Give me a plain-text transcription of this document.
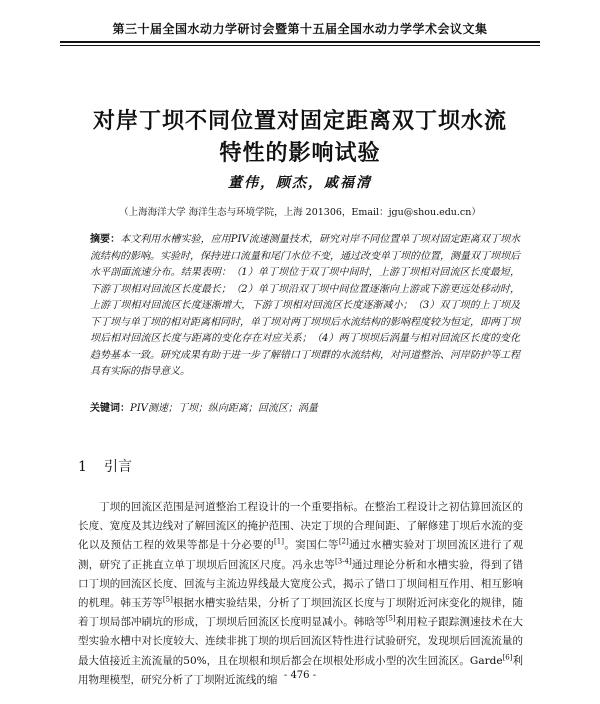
第三十届全国水动力学研讨会暨第十五届全国水动力学学术会议文集
对岸丁坝不同位置对固定距离双丁坝水流
特性的影响试验
董伟，顾杰，戚福清
（上海海洋大学 海洋生态与环境学院，上海 201306，Email：jgu@shou.edu.cn）
摘要：本文利用水槽实验，应用PIV流速测量技术，研究对岸不同位置单丁坝对固定距离双丁坝水流结构的影响。实验时，保持进口流量和尾门水位不变，通过改变单丁坝的位置，测量双丁坝坝后水平剖面流速分布。结果表明：（1）单丁坝位于双丁坝中间时，上游丁坝相对回流区长度最短，下游丁坝相对回流区长度最长；（2）单丁坝沿双丁坝中间位置逐渐向上游或下游更远处移动时，上游丁坝相对回流区长度逐渐增大，下游丁坝相对回流区长度逐渐减小；（3）双丁坝的上丁坝及下丁坝与单丁坝的相对距离相同时，单丁坝对两丁坝坝后水流结构的影响程度较为恒定，即两丁坝坝后相对回流区长度与距离的变化存在对应关系；（4）两丁坝坝后涡量与相对回流区长度的变化趋势基本一致。研究成果有助于进一步了解错口丁坝群的水流结构，对河道整治、河岸防护等工程具有实际的指导意义。
关键词：PIV测速；丁坝；纵向距离；回流区；涡量
1 引言
丁坝的回流区范围是河道整治工程设计的一个重要指标。在整治工程设计之初估算回流区的长度、宽度及其边线对了解回流区的掩护范围、决定丁坝的合理间距、了解修建丁坝后水流的变化以及预估工程的效果等都是十分必要的[1]。窦国仁等[2]通过水槽实验对丁坝回流区进行了观测，研究了正挑直立单丁坝坝后回流区尺度。冯永忠等[3-4]通过理论分析和水槽实验，得到了错口丁坝的回流区长度、回流与主流边界线最大宽度公式，揭示了错口丁坝间相互作用、相互影响的机理。韩玉芳等[5]根据水槽实验结果，分析了丁坝回流区长度与丁坝附近河床变化的规律，随着丁坝局部冲刷坑的形成，丁坝坝后回流区长度明显减小。韩晗等[5]利用粒子跟踪测速技术在大型实验水槽中对长度较大、连续非挑丁坝的坝后回流区特性进行试验研究，发现坝后回流流量的最大值接近主流流量的50%，且在坝根和坝后都会在坝根处形成小型的次生回流区。Garde[6]利用物理模型，研究分析了丁坝附近流线的缩 - 476 -
